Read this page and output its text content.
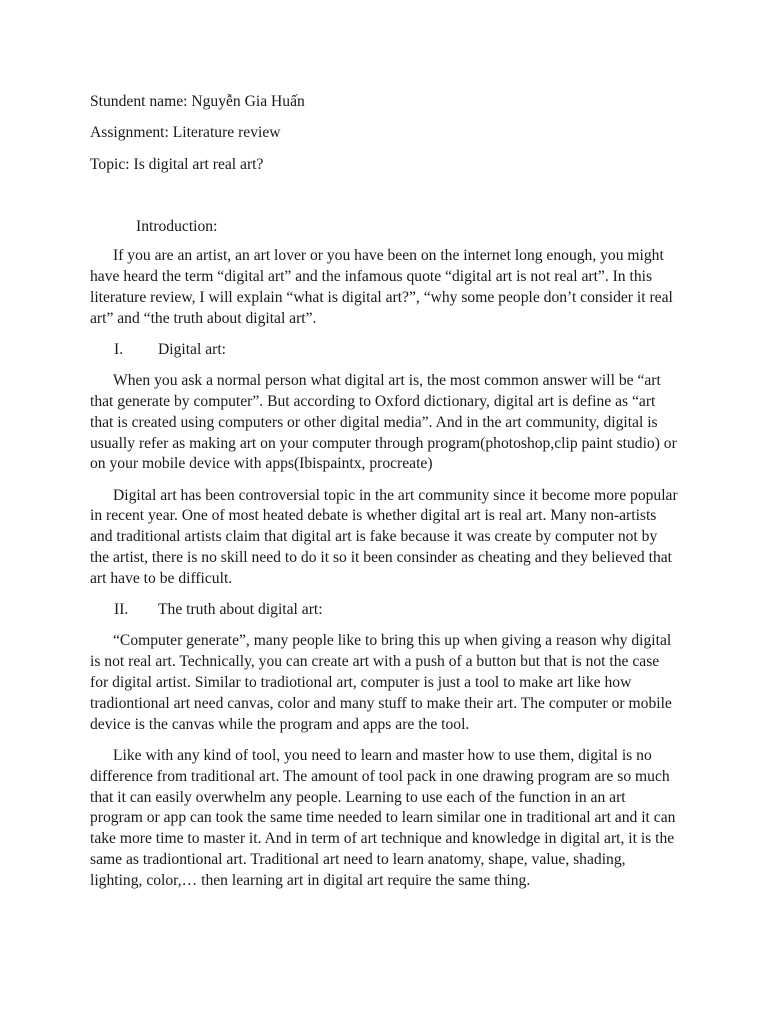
Stundent name: Nguyễn Gia Huấn

Assignment: Literature review

Topic: Is digital art real art?

Introduction:

If you are an artist, an art lover or you have been on the internet long enough, you might have heard the term “digital art” and the infamous quote “digital art is not real art”. In this literature review, I will explain “what is digital art?”, “why some people don’t consider it real art” and “the truth about digital art”.

I.	Digital art:

When you ask a normal person what digital art is, the most common answer will be “art that generate by computer”. But according to Oxford dictionary, digital art is define as “art that is created using computers or other digital media”. And in the art community, digital is usually refer as making art on your computer through program(photoshop,clip paint studio) or on your mobile device with apps(Ibispaintx, procreate)

Digital art has been controversial topic in the art community since it become more popular in recent year. One of most heated debate is whether digital art is real art. Many non-artists and traditional artists claim that digital art is fake because it was create by computer not by the artist, there is no skill need to do it so it been consinder as cheating and they believed that art have to be difficult.

II.	The truth about digital art:

“Computer generate”, many people like to bring this up when giving a reason why digital is not real art. Technically, you can create art with a push of a button but that is not the case for digital artist. Similar to tradiotional art, computer is just a tool to make art like how tradiontional art need canvas, color and many stuff to make their art. The computer or mobile device is the canvas while the program and apps are the tool.

Like with any kind of tool, you need to learn and master how to use them, digital is no difference from traditional art. The amount of tool pack in one drawing program are so much that it can easily overwhelm any people. Learning to use each of the function in an art program or app can took the same time needed to learn similar one in traditional art and it can take more time to master it. And in term of art technique and knowledge in digital art, it is the same as tradiontional art. Traditional art need to learn anatomy, shape, value, shading, lighting, color,… then learning art in digital art require the same thing.
